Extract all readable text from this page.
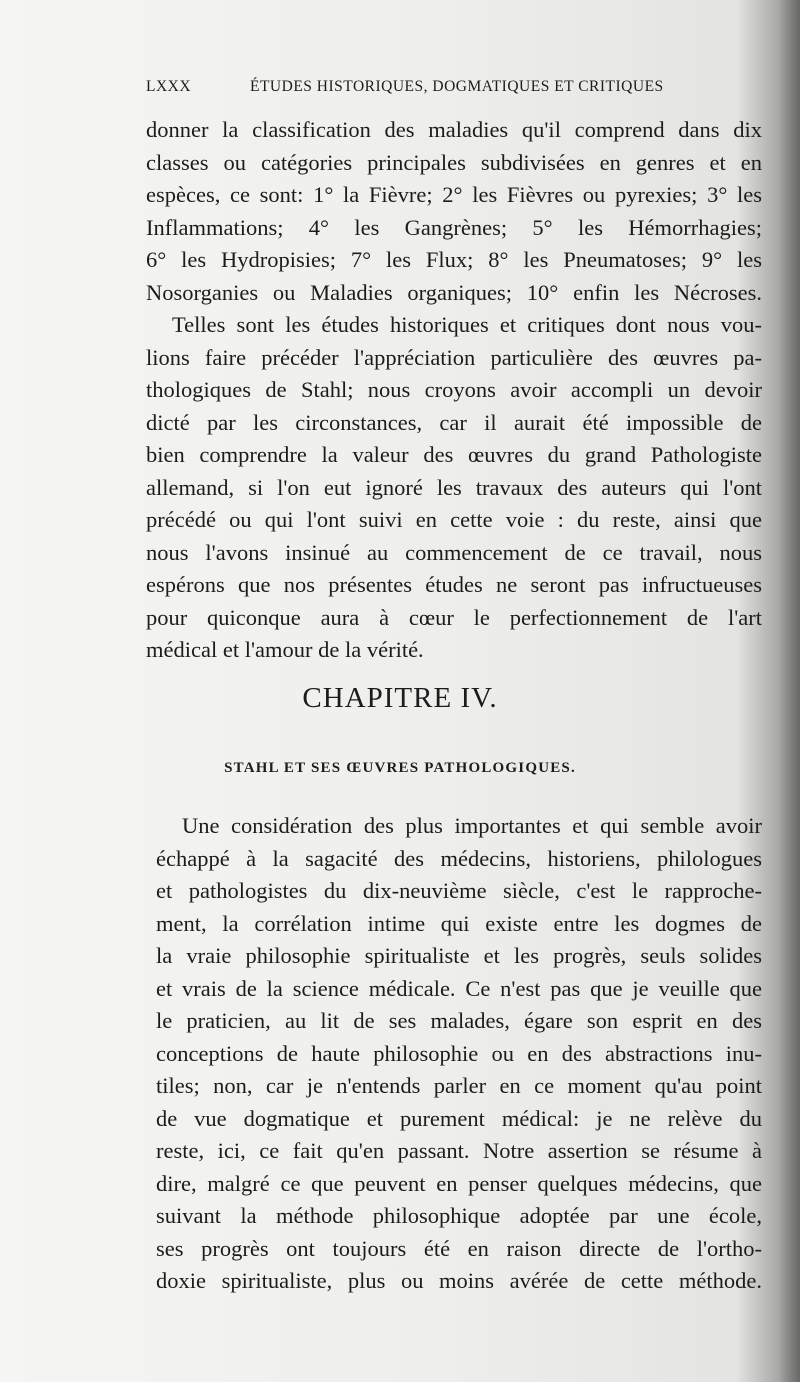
LXXX	ÉTUDES HISTORIQUES, DOGMATIQUES ET CRITIQUES
donner la classification des maladies qu'il comprend dans dix
classes ou catégories principales subdivisées en genres et en
espèces, ce sont: 1° la Fièvre; 2° les Fièvres ou pyrexies; 3° les
Inflammations; 4° les Gangrènes; 5° les Hémorrhagies;
6° les Hydropisies; 7° les Flux; 8° les Pneumatoses; 9° les
Nosorganies ou Maladies organiques; 10° enfin les Nécroses.
Telles sont les études historiques et critiques dont nous vou-
lions faire précéder l'appréciation particulière des œuvres pa-
thologiques de Stahl; nous croyons avoir accompli un devoir
dicté par les circonstances, car il aurait été impossible de
bien comprendre la valeur des œuvres du grand Pathologiste
allemand, si l'on eut ignoré les travaux des auteurs qui l'ont
précédé ou qui l'ont suivi en cette voie : du reste, ainsi que
nous l'avons insinué au commencement de ce travail, nous
espérons que nos présentes études ne seront pas infructueuses
pour quiconque aura à cœur le perfectionnement de l'art
médical et l'amour de la vérité.
CHAPITRE IV.
STAHL ET SES ŒUVRES PATHOLOGIQUES.
Une considération des plus importantes et qui semble avoir
échappé à la sagacité des médecins, historiens, philologues
et pathologistes du dix-neuvième siècle, c'est le rapproche-
ment, la corrélation intime qui existe entre les dogmes de
la vraie philosophie spiritualiste et les progrès, seuls solides
et vrais de la science médicale. Ce n'est pas que je veuille que
le praticien, au lit de ses malades, égare son esprit en des
conceptions de haute philosophie ou en des abstractions inu-
tiles; non, car je n'entends parler en ce moment qu'au point
de vue dogmatique et purement médical: je ne relève du
reste, ici, ce fait qu'en passant. Notre assertion se résume à
dire, malgré ce que peuvent en penser quelques médecins, que
suivant la méthode philosophique adoptée par une école,
ses progrès ont toujours été en raison directe de l'ortho-
doxie spiritualiste, plus ou moins avérée de cette méthode.
